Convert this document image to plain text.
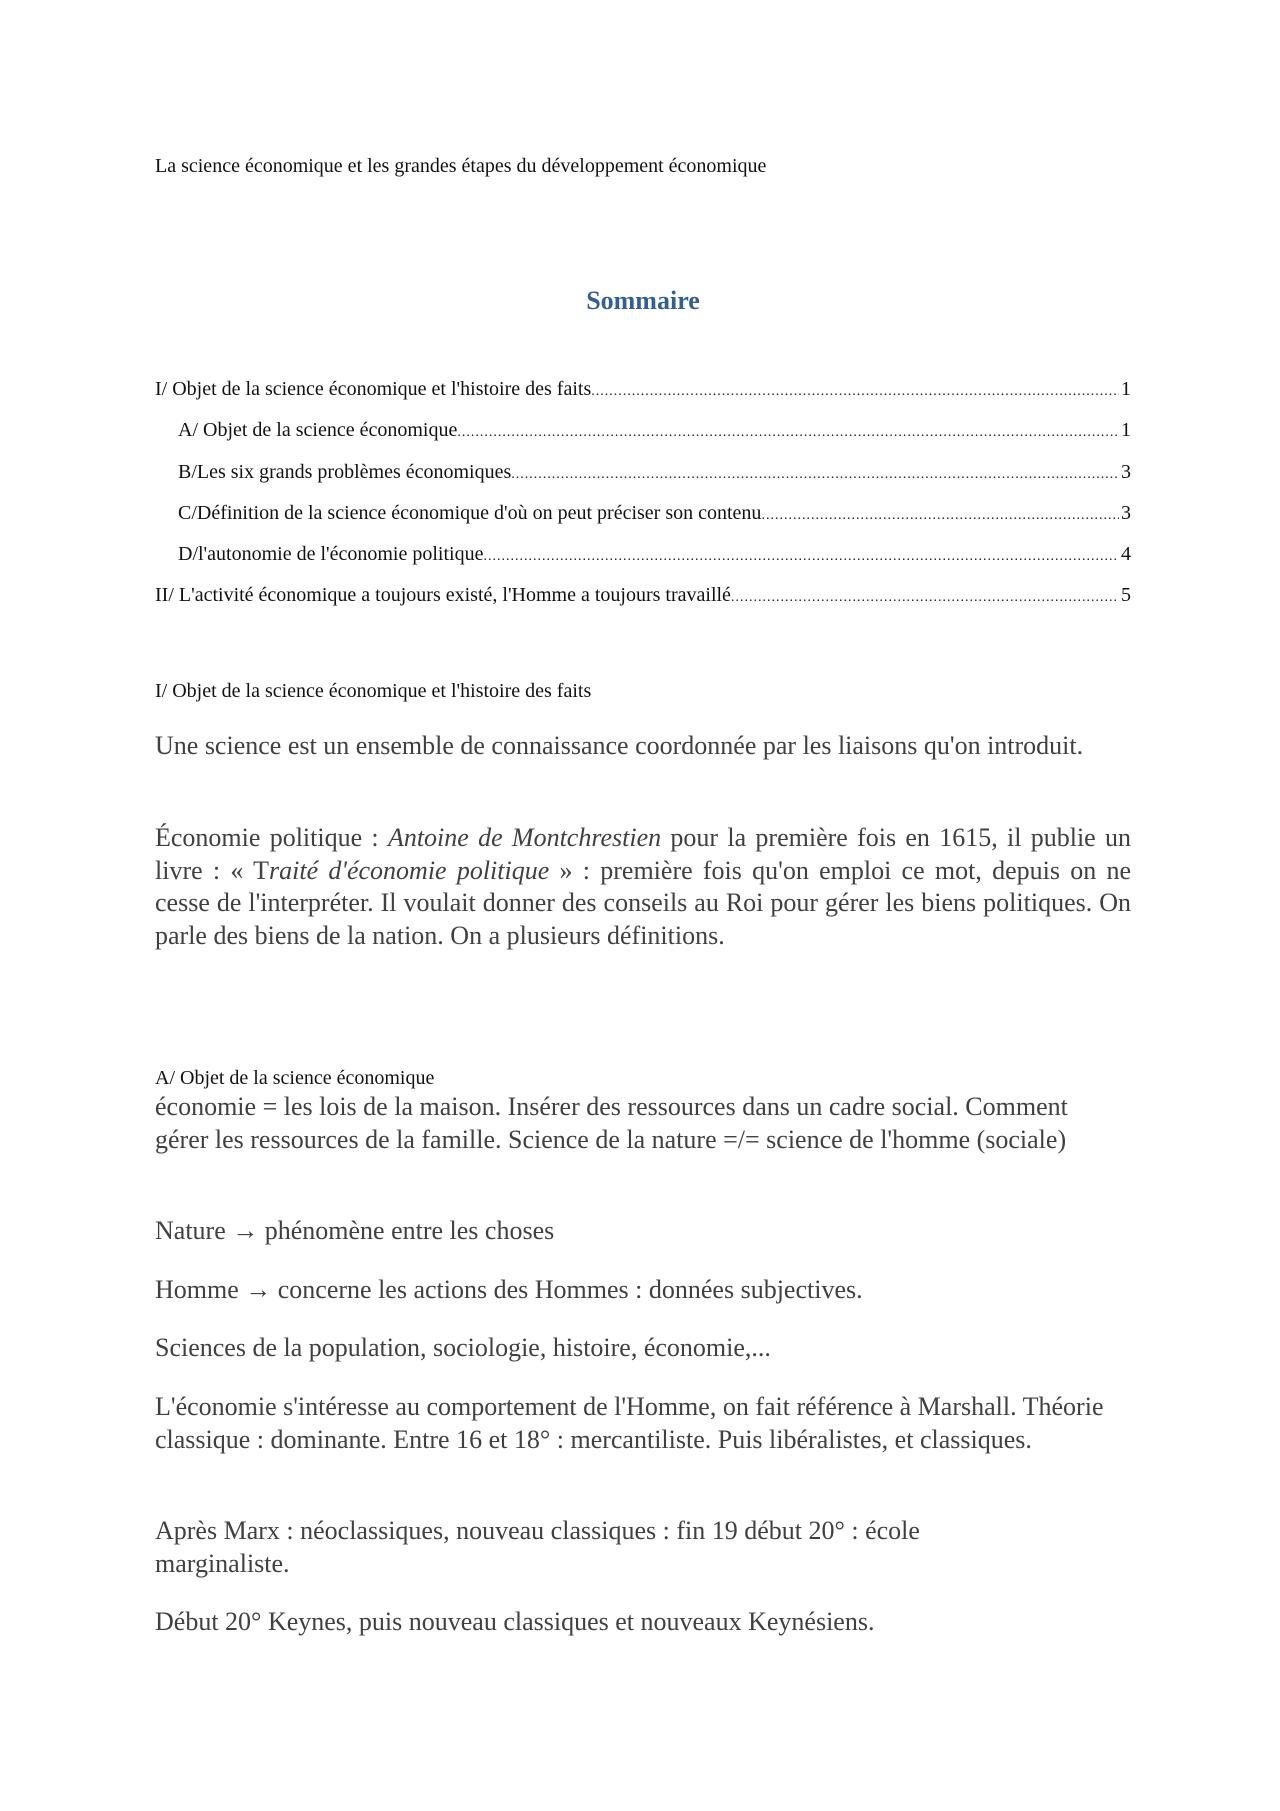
La science économique et les grandes étapes du développement économique
Sommaire
I/ Objet de la science économique et l'histoire des faits .....	1
A/ Objet de la science économique .....	1
B/Les six grands problèmes économiques .....	3
C/Définition de la science économique d'où on peut préciser son contenu .....	3
D/l'autonomie de l'économie politique .....	4
II/ L'activité économique a toujours existé, l'Homme a toujours travaillé .....	5
I/ Objet de la science économique et l'histoire des faits

Une science est un ensemble de connaissance coordonnée par les liaisons qu'on introduit.

Économie politique : Antoine de Montchrestien pour la première fois en 1615, il publie un livre : « Traité d'économie politique » : première fois qu'on emploi ce mot, depuis on ne cesse de l'interpréter. Il voulait donner des conseils au Roi pour gérer les biens politiques. On parle des biens de la nation. On a plusieurs définitions.

A/ Objet de la science économique

économie = les lois de la maison. Insérer des ressources dans un cadre social. Comment gérer les ressources de la famille. Science de la nature =/= science de l'homme (sociale)

Nature → phénomène entre les choses

Homme → concerne les actions des Hommes : données subjectives.

Sciences de la population, sociologie, histoire, économie,...

L'économie s'intéresse au comportement de l'Homme, on fait référence à Marshall. Théorie classique : dominante. Entre 16 et 18° : mercantiliste. Puis libéralistes, et classiques.

Après Marx : néoclassiques, nouveau classiques : fin 19 début 20° : école marginaliste.

Début 20° Keynes, puis nouveau classiques et nouveaux Keynésiens.
